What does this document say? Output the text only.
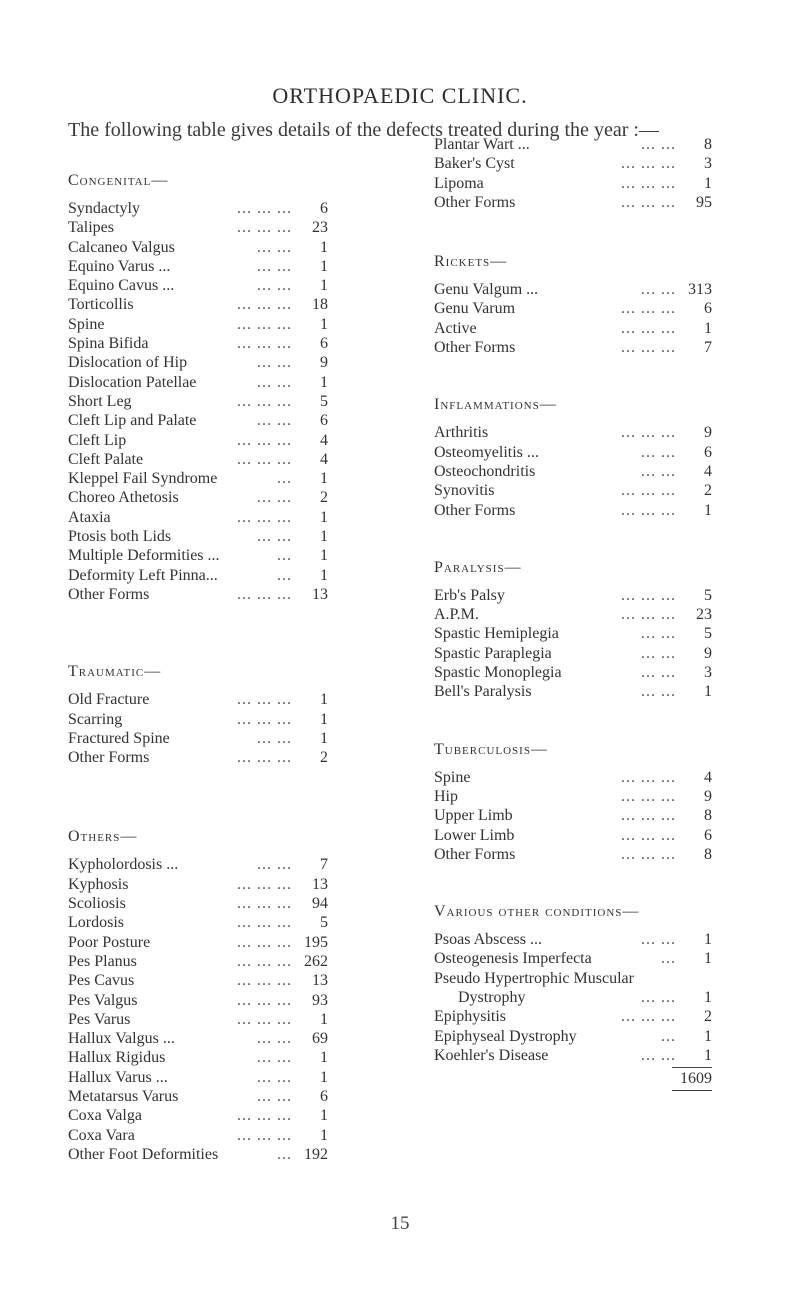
ORTHOPAEDIC CLINIC.
The following table gives details of the defects treated during the year :—
Congenital—
Syndactyly	... ... ...	6
Talipes	... ... ...	23
Calcaneo Valgus	... ...	1
Equino Varus ...	... ...	1
Equino Cavus ...	... ...	1
Torticollis	... ... ...	18
Spine	... ... ...	1
Spina Bifida	... ... ...	6
Dislocation of Hip	... ...	9
Dislocation Patellae	... ...	1
Short Leg	... ... ...	5
Cleft Lip and Palate	... ...	6
Cleft Lip	... ... ...	4
Cleft Palate	... ... ...	4
Kleppel Fail Syndrome	...	1
Choreo Athetosis	... ...	2
Ataxia	... ... ...	1
Ptosis both Lids	... ...	1
Multiple Deformities ...	...	1
Deformity Left Pinna...	...	1
Other Forms	... ... ...	13
Traumatic—
Old Fracture	... ... ...	1
Scarring	... ... ...	1
Fractured Spine	... ...	1
Other Forms	... ... ...	2
Others—
Kypholordosis ...	... ...	7
Kyphosis	... ... ...	13
Scoliosis	... ... ...	94
Lordosis	... ... ...	5
Poor Posture	... ... ... 195
Pes Planus	... ... ... 262
Pes Cavus	... ... ...	13
Pes Valgus	... ... ...	93
Pes Varus	... ... ...	1
Hallux Valgus ...	... ...	69
Hallux Rigidus	... ...	1
Hallux Varus ...	... ...	1
Metatarsus Varus	... ...	6
Coxa Valga	... ... ...	1
Coxa Vara	... ... ...	1
Other Foot Deformities	... 192
Plantar Wart ...	... ...	8
Baker's Cyst	... ... ...	3
Lipoma	... ... ...	1
Other Forms	... ... ...	95
Rickets—
Genu Valgum ...	... ... 313
Genu Varum	... ... ...	6
Active	... ... ...	1
Other Forms	... ... ...	7
Inflammations—
Arthritis	... ... ...	9
Osteomyelitis ...	... ...	6
Osteochondritis	... ...	4
Synovitis	... ... ...	2
Other Forms	... ... ...	1
Paralysis—
Erb's Palsy	... ... ...	5
A.P.M.	... ... ...	23
Spastic Hemiplegia	... ...	5
Spastic Paraplegia	... ...	9
Spastic Monoplegia	... ...	3
Bell's Paralysis	... ...	1
Tuberculosis—
Spine	... ... ...	4
Hip	... ... ...	9
Upper Limb	... ... ...	8
Lower Limb	... ... ...	6
Other Forms	... ... ...	8
Various other conditions—
Psoas Abscess ...	... ...	1
Osteogenesis Imperfecta	...	1
Pseudo Hypertrophic Muscular
Dystrophy	... ...	1
Epiphysitis	... ... ...	2
Epiphyseal Dystrophy	...	1
Koehler's Disease	... ...	1
1609
15
